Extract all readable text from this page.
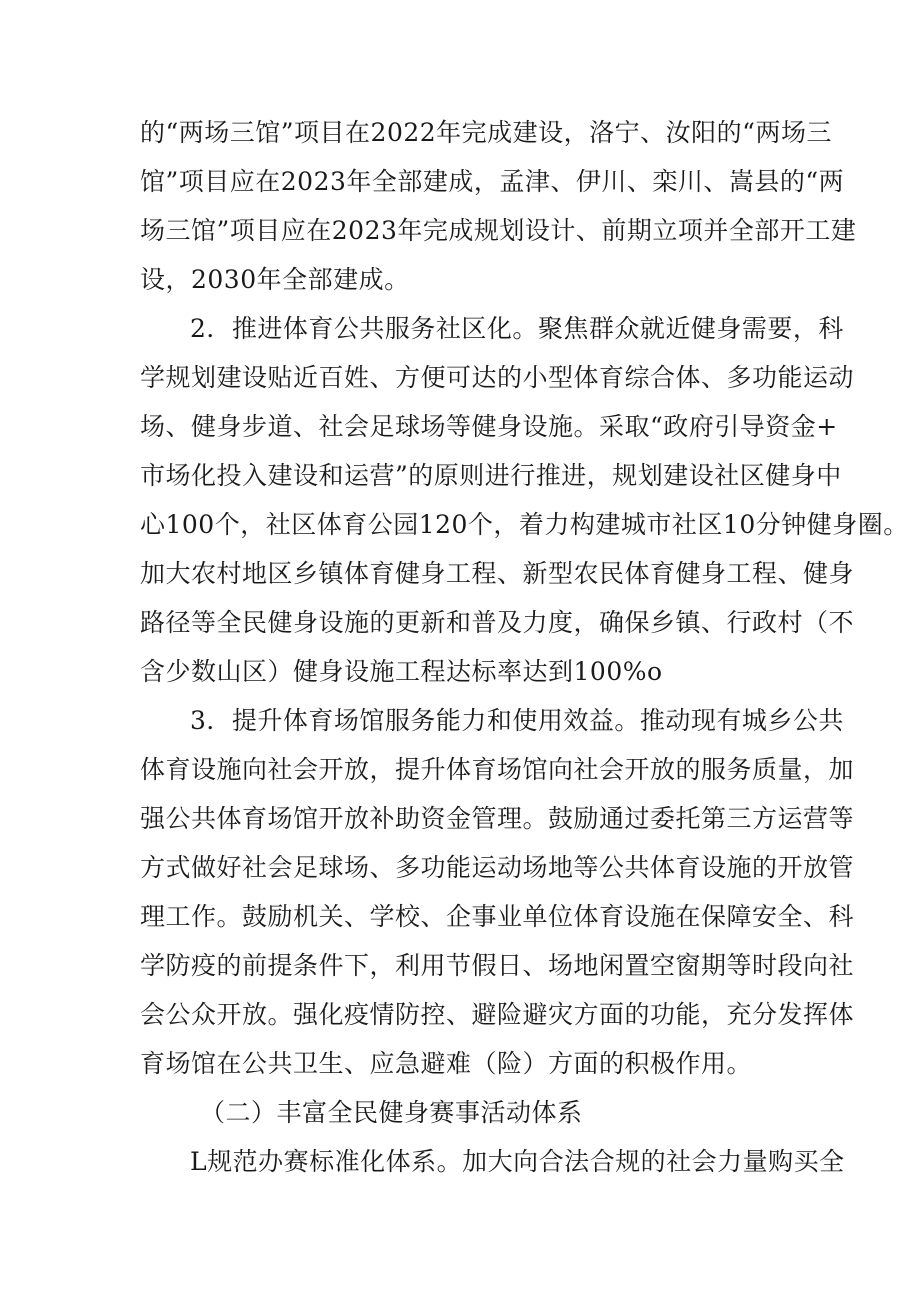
的“两场三馆”项目在2022年完成建设，洛宁、汝阳的“两场三
馆”项目应在2023年全部建成，孟津、伊川、栾川、嵩县的“两
场三馆”项目应在2023年完成规划设计、前期立项并全部开工建
设，2030年全部建成。
2．推进体育公共服务社区化。聚焦群众就近健身需要，科
学规划建设贴近百姓、方便可达的小型体育综合体、多功能运动
场、健身步道、社会足球场等健身设施。采取“政府引导资金+
市场化投入建设和运营”的原则进行推进，规划建设社区健身中
心100个，社区体育公园120个，着力构建城市社区10分钟健身圈。
加大农村地区乡镇体育健身工程、新型农民体育健身工程、健身
路径等全民健身设施的更新和普及力度，确保乡镇、行政村（不
含少数山区）健身设施工程达标率达到100%o
3．提升体育场馆服务能力和使用效益。推动现有城乡公共
体育设施向社会开放，提升体育场馆向社会开放的服务质量，加
强公共体育场馆开放补助资金管理。鼓励通过委托第三方运营等
方式做好社会足球场、多功能运动场地等公共体育设施的开放管
理工作。鼓励机关、学校、企事业单位体育设施在保障安全、科
学防疫的前提条件下，利用节假日、场地闲置空窗期等时段向社
会公众开放。强化疫情防控、避险避灾方面的功能，充分发挥体
育场馆在公共卫生、应急避难（险）方面的积极作用。
（二）丰富全民健身赛事活动体系
L规范办赛标准化体系。加大向合法合规的社会力量购买全
